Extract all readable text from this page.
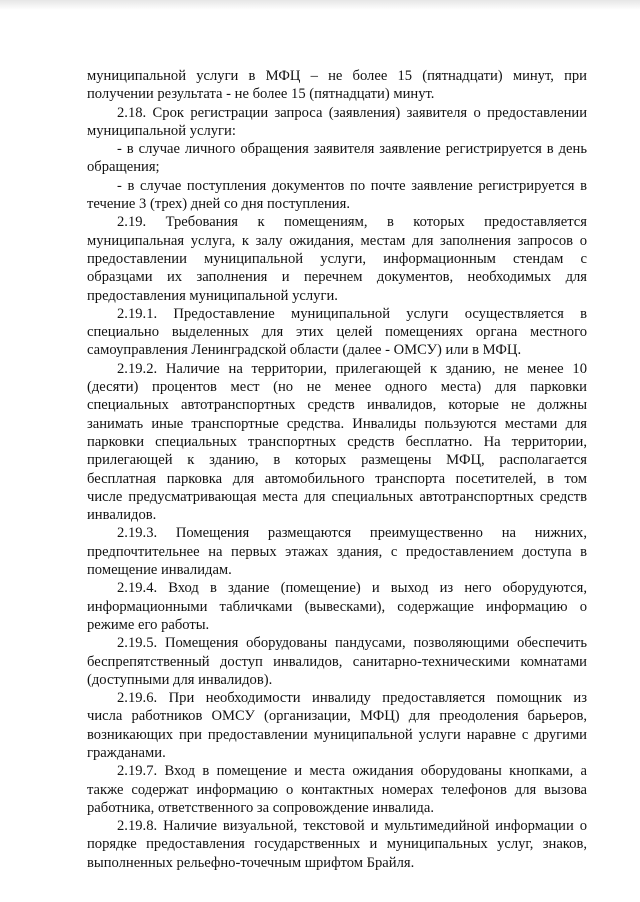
муниципальной услуги в МФЦ – не более 15 (пятнадцати) минут, при
получении результата - не более 15 (пятнадцати) минут.
2.18. Срок регистрации запроса (заявления) заявителя о предоставлении
муниципальной услуги:
- в случае личного обращения заявителя заявление регистрируется в день
обращения;
- в случае поступления документов по почте заявление регистрируется в
течение 3 (трех) дней со дня поступления.
2.19. Требования к помещениям, в которых предоставляется
муниципальная услуга, к залу ожидания, местам для заполнения запросов о
предоставлении муниципальной услуги, информационным стендам с
образцами их заполнения и перечнем документов, необходимых для
предоставления муниципальной услуги.
2.19.1. Предоставление муниципальной услуги осуществляется в
специально выделенных для этих целей помещениях органа местного
самоуправления Ленинградской области (далее - ОМСУ) или в МФЦ.
2.19.2. Наличие на территории, прилегающей к зданию, не менее 10
(десяти) процентов мест (но не менее одного места) для парковки
специальных автотранспортных средств инвалидов, которые не должны
занимать иные транспортные средства. Инвалиды пользуются местами для
парковки специальных транспортных средств бесплатно. На территории,
прилегающей к зданию, в которых размещены МФЦ, располагается
бесплатная парковка для автомобильного транспорта посетителей, в том
числе предусматривающая места для специальных автотранспортных средств
инвалидов.
2.19.3. Помещения размещаются преимущественно на нижних,
предпочтительнее на первых этажах здания, с предоставлением доступа в
помещение инвалидам.
2.19.4. Вход в здание (помещение) и выход из него оборудуются,
информационными табличками (вывесками), содержащие информацию о
режиме его работы.
2.19.5. Помещения оборудованы пандусами, позволяющими обеспечить
беспрепятственный доступ инвалидов, санитарно-техническими комнатами
(доступными для инвалидов).
2.19.6. При необходимости инвалиду предоставляется помощник из
числа работников ОМСУ (организации, МФЦ) для преодоления барьеров,
возникающих при предоставлении муниципальной услуги наравне с другими
гражданами.
2.19.7. Вход в помещение и места ожидания оборудованы кнопками, а
также содержат информацию о контактных номерах телефонов для вызова
работника, ответственного за сопровождение инвалида.
2.19.8. Наличие визуальной, текстовой и мультимедийной информации о
порядке предоставления государственных и муниципальных услуг, знаков,
выполненных рельефно-точечным шрифтом Брайля.
